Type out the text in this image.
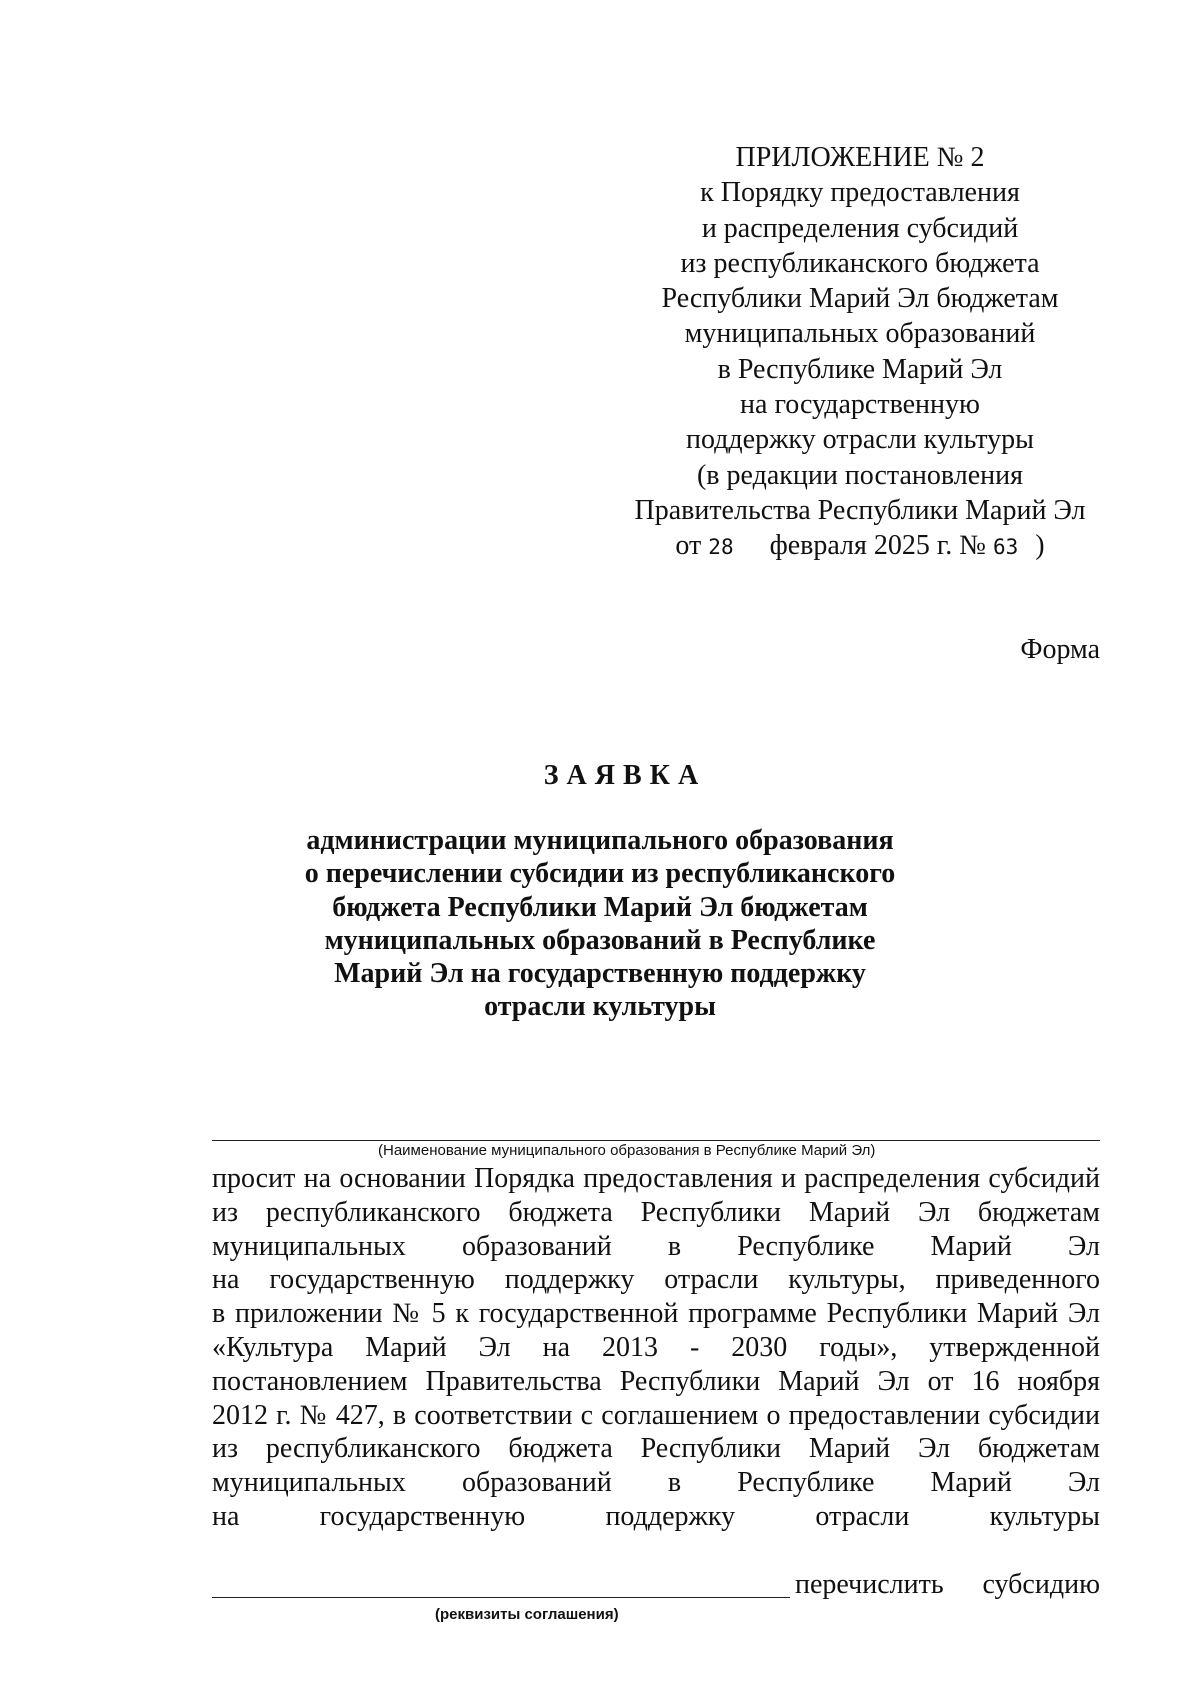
ПРИЛОЖЕНИЕ № 2
к Порядку предоставления
и распределения субсидий
из республиканского бюджета
Республики Марий Эл бюджетам
муниципальных образований
в Республике Марий Эл
на государственную
поддержку отрасли культуры
(в редакции постановления
Правительства Республики Марий Эл
от 28 февраля 2025 г. № 63 )
Форма
ЗАЯВКА
администрации муниципального образования
о перечислении субсидии из республиканского
бюджета Республики Марий Эл бюджетам
муниципальных образований в Республике
Марий Эл на государственную поддержку
отрасли культуры
(Наименование муниципального образования в Республике Марий Эл)
просит на основании Порядка предоставления и распределения субсидий
из республиканского бюджета Республики Марий Эл бюджетам
муниципальных образований в Республике Марий Эл
на государственную поддержку отрасли культуры, приведенного
в приложении № 5 к государственной программе Республики Марий Эл
«Культура Марий Эл на 2013 - 2030 годы», утвержденной
постановлением Правительства Республики Марий Эл от 16 ноября
2012 г. № 427, в соответствии с соглашением о предоставлении субсидии
из республиканского бюджета Республики Марий Эл бюджетам
муниципальных образований в Республике Марий Эл
на государственную поддержку отрасли культуры
перечислить субсидию
(реквизиты соглашения)
